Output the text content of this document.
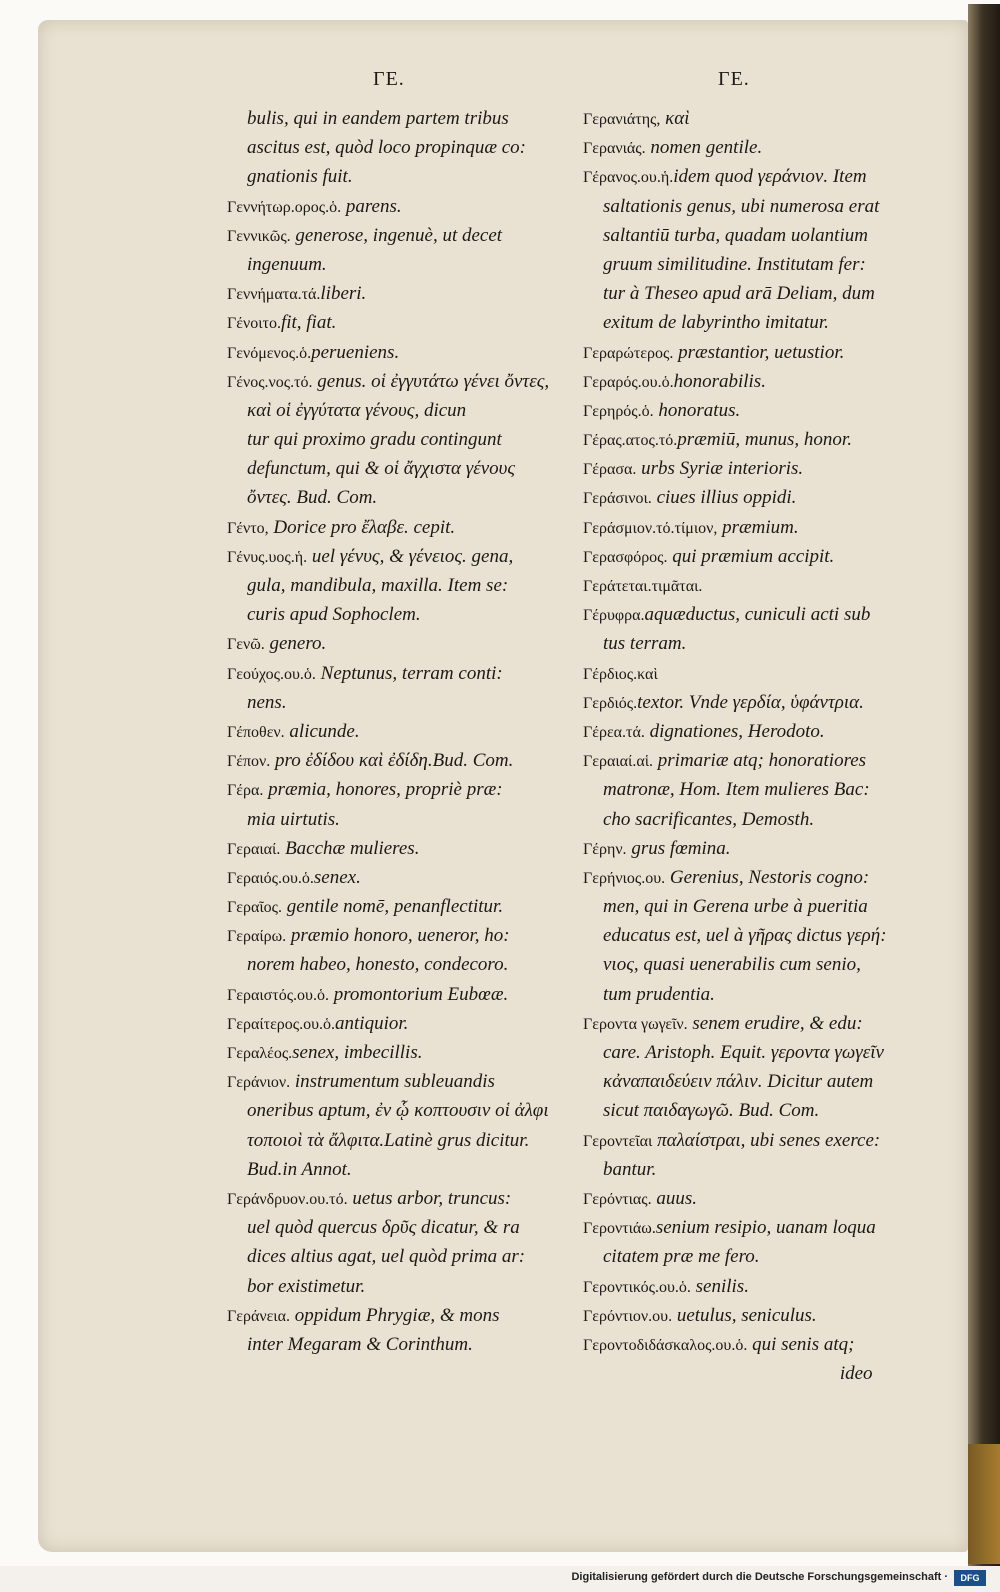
ΓΕ.	ΓΕ.
bulis, qui in eandem partem tribus
ascitus est, quòd loco propinquæ co:
gnationis fuit.
Γεννήτωρ.ορος.ὁ. parens.
Γεννικῶς. generose, ingenuè, ut decet
ingenuum.
Γεννήματα.τά.liberi.
Γένοιτο.fit, fiat.
Γενόμενος.ὁ.perueniens.
Γένος.νος.τό. genus. οἱ ἐγγυτάτω γένει ὄντες,
καὶ οἱ ἐγγύτατα γένους, dicun
tur qui proximo gradu contingunt
defunctum, qui & οἱ ἄγχιστα γένους
ὄντες. Bud. Com.
Γέντο, Dorice pro ἔλαβε. cepit.
Γένυς.υος.ἡ. uel γένυς, & γένειος. gena,
gula, mandibula, maxilla. Item se:
curis apud Sophoclem.
Γενῶ. genero.
Γεούχος.ου.ὁ. Neptunus, terram conti:
nens.
Γέποθεν. alicunde.
Γέπον. pro ἐδίδου καὶ ἐδίδη.Bud. Com.
Γέρα. præmia, honores, propriè præ:
mia uirtutis.
Γεραιαί. Bacchæ mulieres.
Γεραιός.ου.ὁ.senex.
Γεραῖος. gentile nomē, penanflectitur.
Γεραίρω. præmio honoro, ueneror, ho:
norem habeo, honesto, condecoro.
Γεραιστός.ου.ὁ. promontorium Eubœæ.
Γεραίτερος.ου.ὁ.antiquior.
Γεραλέος.senex, imbecillis.
Γεράνιον. instrumentum subleuandis
oneribus aptum, ἐν ᾧ κοπτουσιν οἱ ἀλφι
τοποιοὶ τὰ ἄλφιτα.Latinè grus dicitur.
Bud.in Annot.
Γεράνδρυον.ου.τό. uetus arbor, truncus:
uel quòd quercus δρῦς dicatur, & ra
dices altius agat, uel quòd prima ar:
bor existimetur.
Γεράνεια. oppidum Phrygiæ, & mons
inter Megaram & Corinthum.
Γερανιάτης, καὶ
Γερανιάς. nomen gentile.
Γέρανος.ου.ἡ.idem quod γεράνιον. Item
saltationis genus, ubi numerosa erat
saltantiū turba, quadam uolantium
gruum similitudine. Institutam fer:
tur à Theseo apud arā Deliam, dum
exitum de labyrintho imitatur.
Γεραρώτερος. præstantior, uetustior.
Γεραρός.ου.ὁ.honorabilis.
Γερηρός.ὁ. honoratus.
Γέρας.ατος.τό.præmiū, munus, honor.
Γέρασα. urbs Syriæ interioris.
Γεράσινοι. ciues illius oppidi.
Γεράσμιον.τό.τίμιον, præmium.
Γερασφόρος. qui præmium accipit.
Γεράτεται.τιμᾶται.
Γέρυφρα.aquæductus, cuniculi acti sub
tus terram.
Γέρδιος.καὶ
Γερδιός.textor. Vnde γερδία, ὑφάντρια.
Γέρεα.τά. dignationes, Herodoto.
Γεραιαί.αἱ. primariæ atq; honoratiores
matronæ, Hom. Item mulieres Bac:
cho sacrificantes, Demosth.
Γέρην. grus fœmina.
Γερήνιος.ου. Gerenius, Nestoris cogno:
men, qui in Gerena urbe à pueritia
educatus est, uel à γῆρας dictus γερή:
νιος, quasi uenerabilis cum senio,
tum prudentia.
Γεροντα γωγεῖν. senem erudire, & edu:
care. Aristoph. Equit. γεροντα γωγεῖν
κἀναπαιδεύειν πάλιν. Dicitur autem
sicut παιδαγωγῶ. Bud. Com.
Γεροντεῖαι παλαίστραι, ubi senes exerce:
bantur.
Γερόντιας. auus.
Γεροντιάω.senium resipio, uanam loqua
citatem præ me fero.
Γεροντικός.ου.ὁ. senilis.
Γερόντιον.ου. uetulus, seniculus.
Γεροντοδιδάσκαλος.ου.ὁ. qui senis atq;
ideo
Digitalisierung gefördert durch die Deutsche Forschungsgemeinschaft ·	DFG
